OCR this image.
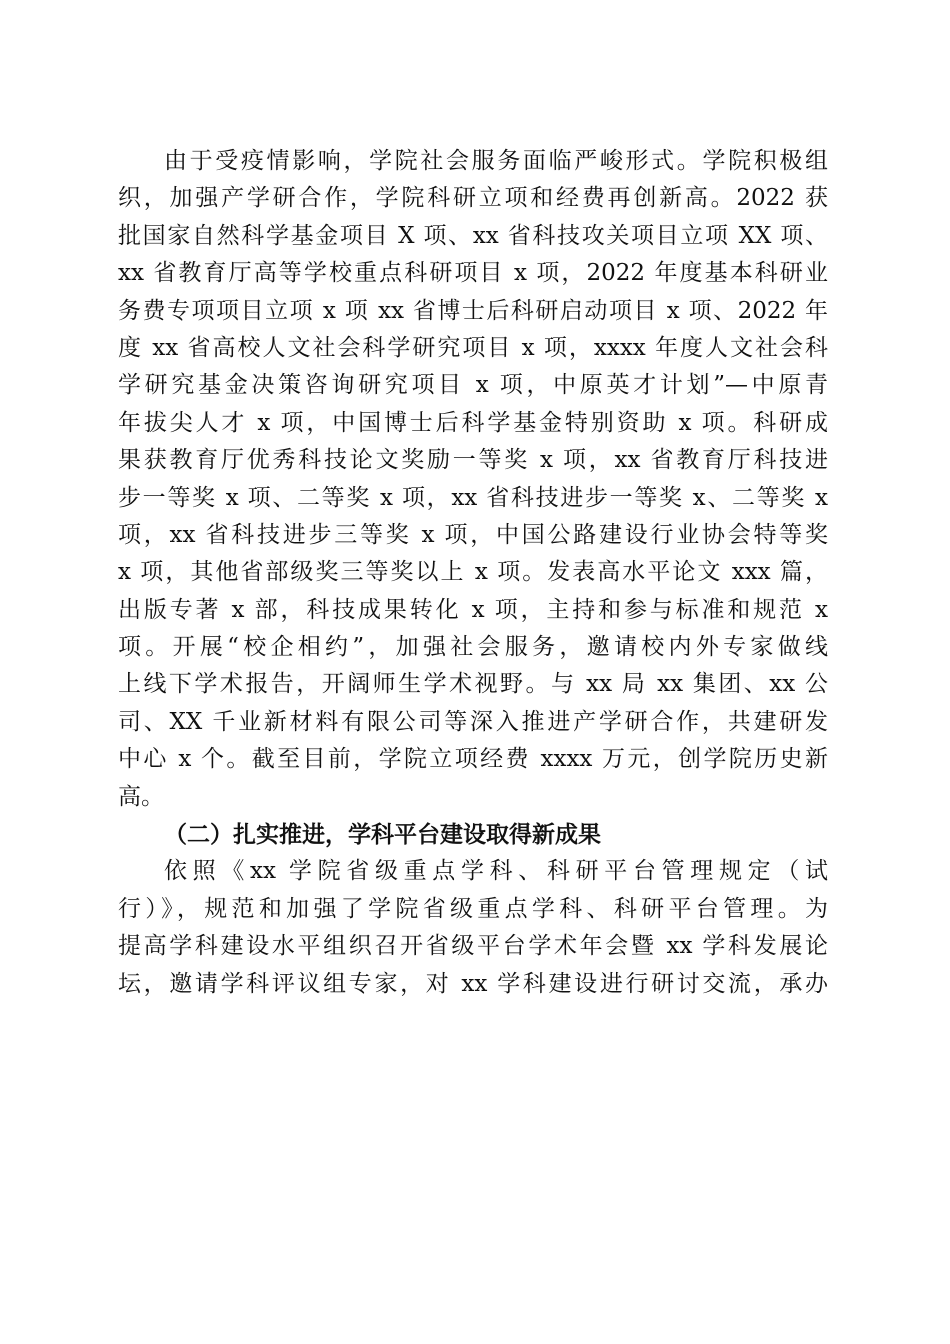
由于受疫情影响，学院社会服务面临严峻形式。学院积极组
织，加强产学研合作，学院科研立项和经费再创新高。2022 获
批国家自然科学基金项目 X 项、xx 省科技攻关项目立项 XX 项、
xx 省教育厅高等学校重点科研项目 x 项，2022 年度基本科研业
务费专项项目立项 x 项 xx 省博士后科研启动项目 x 项、2022 年
度 xx 省高校人文社会科学研究项目 x 项，xxxx 年度人文社会科
学研究基金决策咨询研究项目 x 项，中原英才计划”—中原青
年拔尖人才 x 项，中国博士后科学基金特别资助 x 项。科研成
果获教育厅优秀科技论文奖励一等奖 x 项，xx 省教育厅科技进
步一等奖 x 项、二等奖 x 项，xx 省科技进步一等奖 x、二等奖 x
项，xx 省科技进步三等奖 x 项，中国公路建设行业协会特等奖
x 项，其他省部级奖三等奖以上 x 项。发表高水平论文 xxx 篇，
出版专著 x 部，科技成果转化 x 项，主持和参与标准和规范 x
项。开展“校企相约”，加强社会服务，邀请校内外专家做线
上线下学术报告，开阔师生学术视野。与 xx 局 xx 集团、xx 公
司、XX 千业新材料有限公司等深入推进产学研合作，共建研发
中心 x 个。截至目前，学院立项经费 xxxx 万元，创学院历史新
高。
（二）扎实推进，学科平台建设取得新成果
依照《xx 学院省级重点学科、科研平台管理规定（试
行）》，规范和加强了学院省级重点学科、科研平台管理。为
提高学科建设水平组织召开省级平台学术年会暨 xx 学科发展论
坛，邀请学科评议组专家，对 xx 学科建设进行研讨交流，承办
